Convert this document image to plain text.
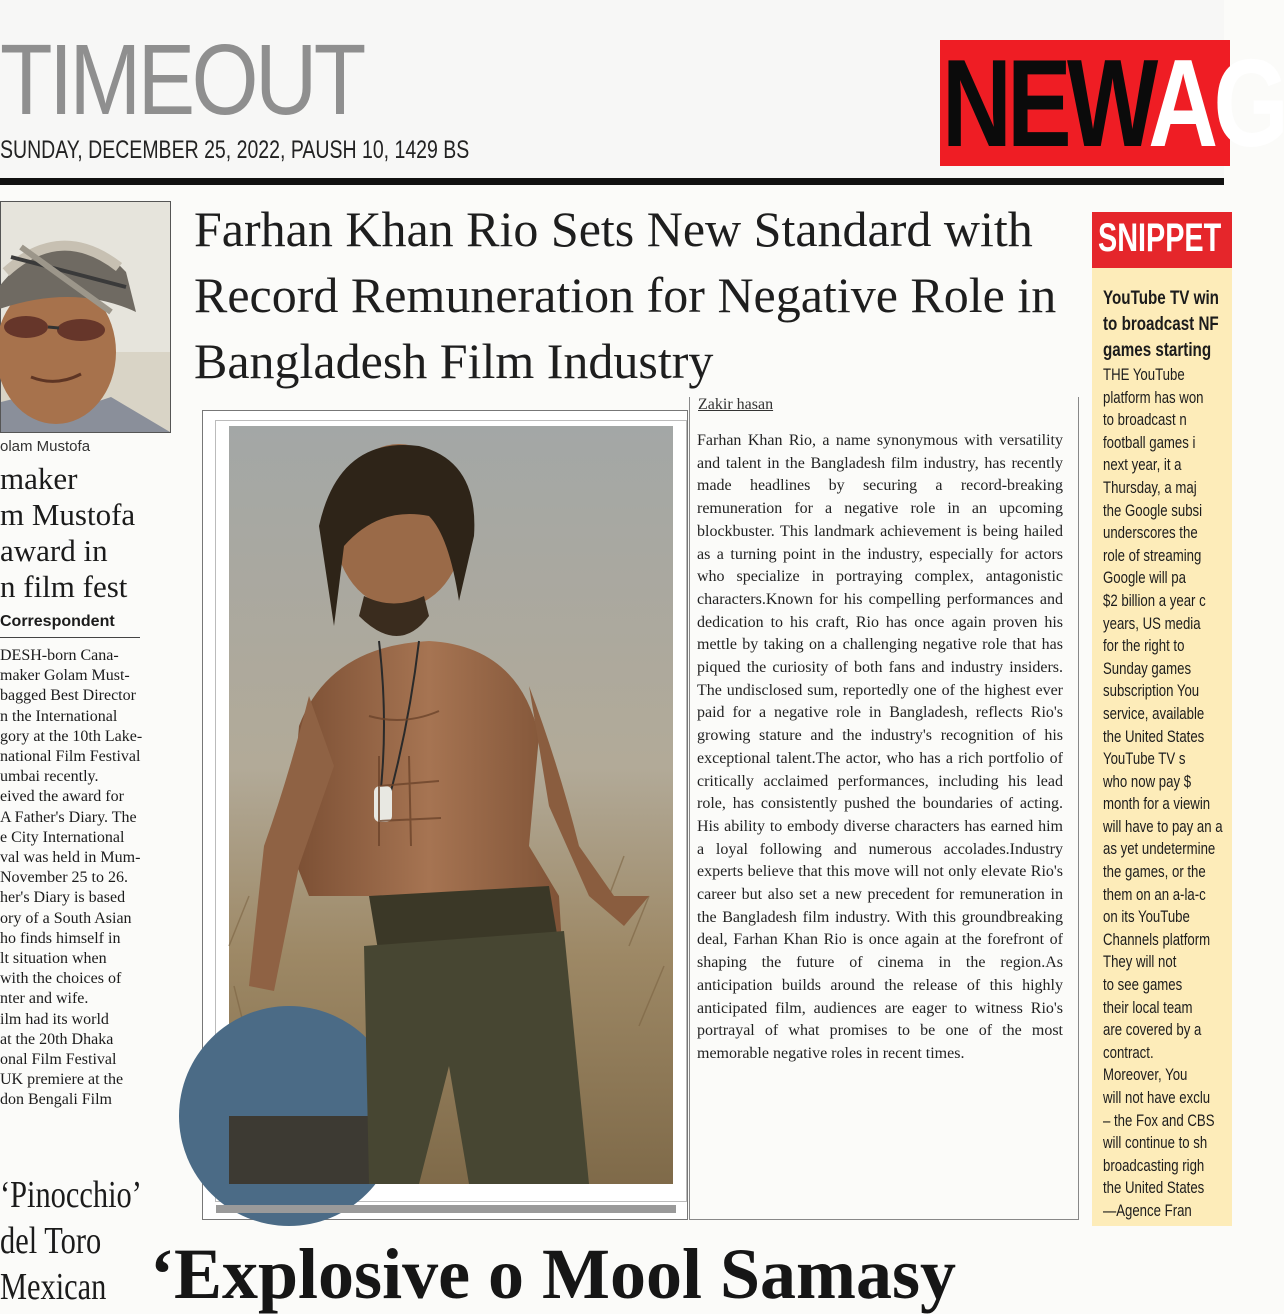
TIMEOUT
SUNDAY, DECEMBER 25, 2022, PAUSH 10, 1429 BS	NEWAG
olam Mustofa
maker
m Mustofa
award in
n film fest
Correspondent
DESH-born Cana-
maker Golam Must-
bagged Best Director
n the International
gory at the 10th Lake-
national Film Festival
umbai recently.
eived the award for
A Father's Diary. The
e City International
val was held in Mum-
November 25 to 26.
her's Diary is based
ory of a South Asian
ho finds himself in
lt situation when
with the choices of
nter and wife.
ilm had its world
at the 20th Dhaka
onal Film Festival
UK premiere at the
don Bengali Film
‘Pinocchio’
del Toro
Mexican
Farhan Khan Rio Sets New Standard with Record Remuneration for Negative Role in Bangladesh Film Industry
Zakir hasan
Farhan Khan Rio, a name synonymous with versatility and talent in the Bangladesh film industry, has recently made headlines by securing a record-breaking remuneration for a negative role in an upcoming blockbuster. This landmark achievement is being hailed as a turning point in the industry, especially for actors who specialize in portraying complex, antagonistic characters.Known for his compelling performances and dedication to his craft, Rio has once again proven his mettle by taking on a challenging negative role that has piqued the curiosity of both fans and industry insiders. The undisclosed sum, reportedly one of the highest ever paid for a negative role in Bangladesh, reflects Rio's growing stature and the industry's recognition of his exceptional talent.The actor, who has a rich portfolio of critically acclaimed performances, including his lead role, has consistently pushed the boundaries of acting. His ability to embody diverse characters has earned him a loyal following and numerous accolades.Industry experts believe that this move will not only elevate Rio's career but also set a new precedent for remuneration in the Bangladesh film industry. With this groundbreaking deal, Farhan Khan Rio is once again at the forefront of shaping the future of cinema in the region.As anticipation builds around the release of this highly anticipated film, audiences are eager to witness Rio's portrayal of what promises to be one of the most memorable negative roles in recent times.
SNIPPET
YouTube TV win
to broadcast NF
games starting
THE YouTube
platform has won
to broadcast n
football games i
next year, it a
Thursday, a maj
the Google subsi
underscores the
role of streaming
Google will pa
$2 billion a year c
years, US media
for the right to
Sunday games
subscription You
service, available
the United States
YouTube TV s
who now pay $
month for a viewin
will have to pay an a
as yet undetermine
the games, or the
them on an a-la-c
on its YouTube
Channels platform
They will not
to see games
their local team
are covered by a
contract.
Moreover, You
will not have exclu
– the Fox and CBS
will continue to sh
broadcasting righ
the United States
—Agence Fran
‘Explosive o Mool Samasy
